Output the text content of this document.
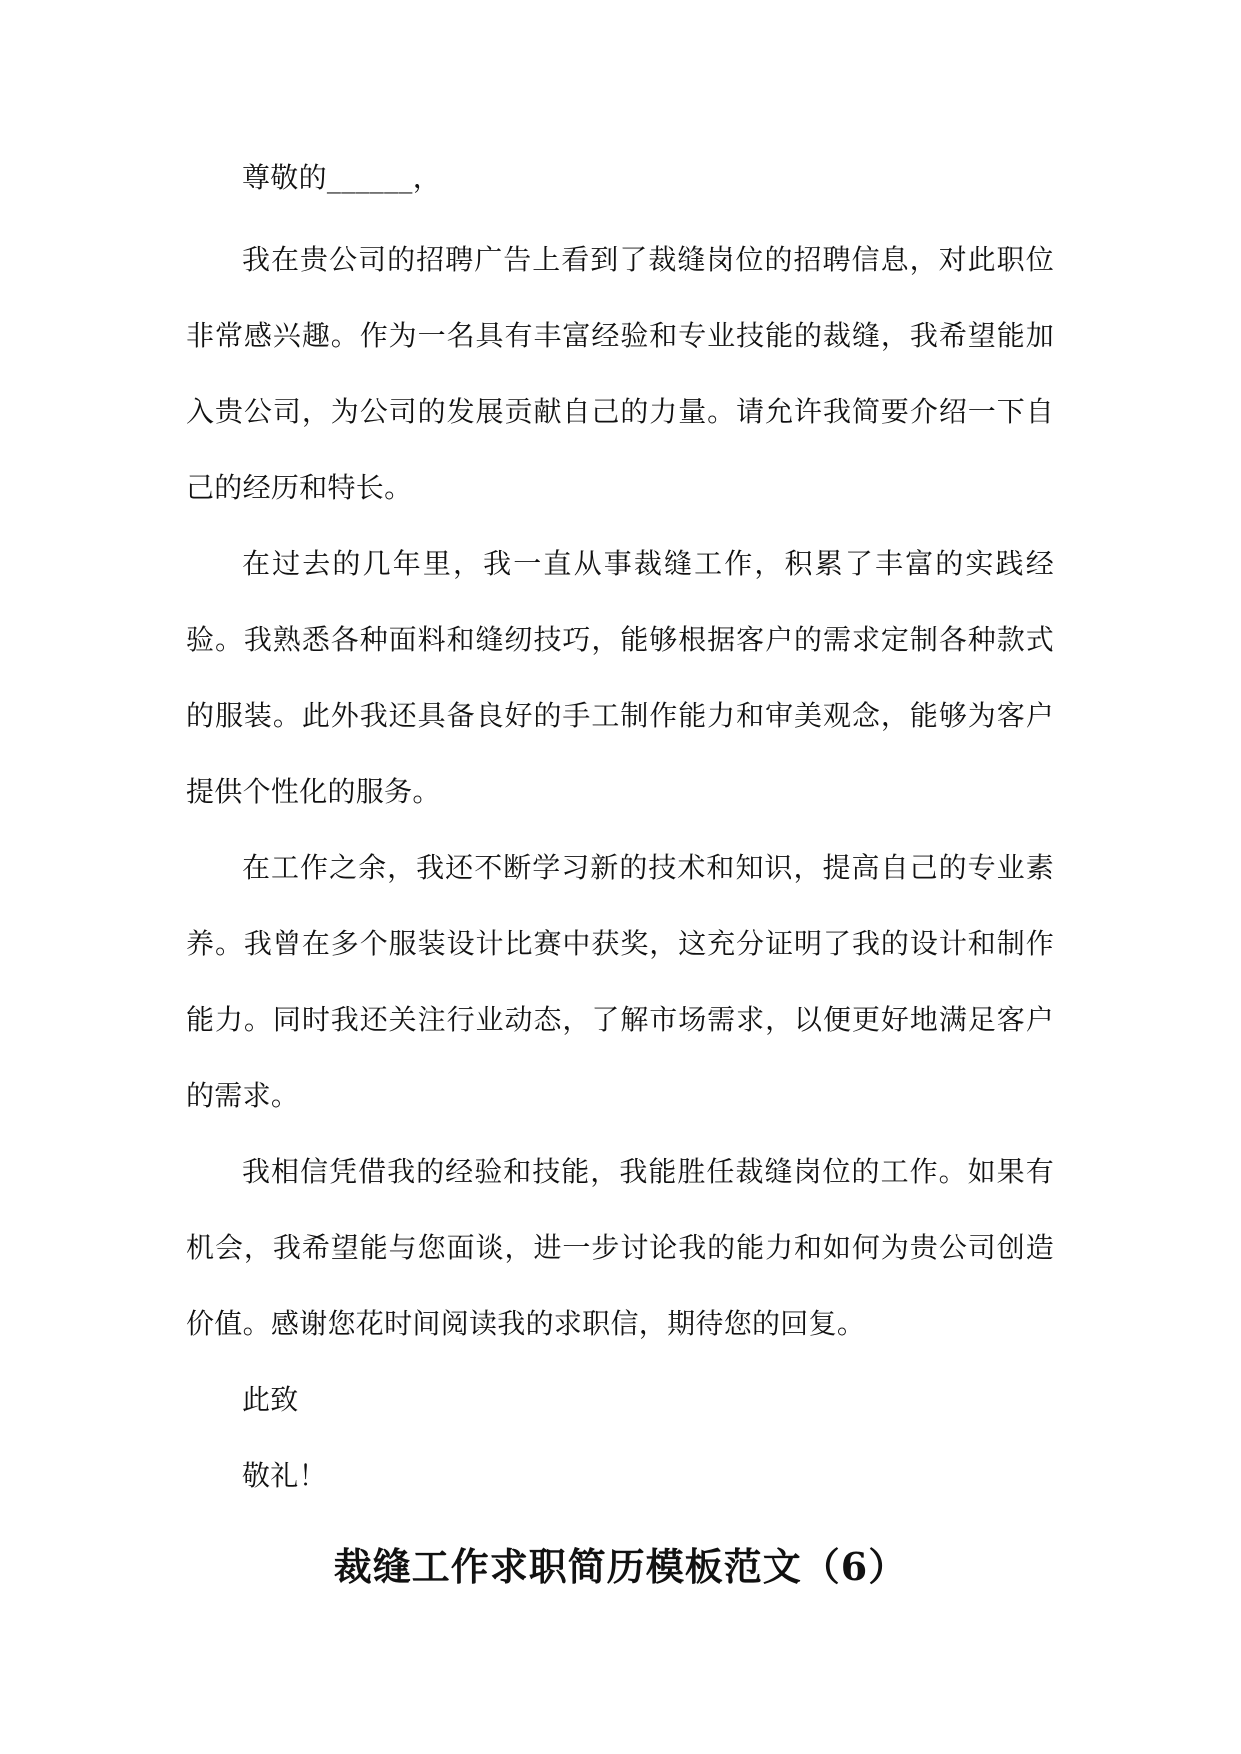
尊敬的______，

我在贵公司的招聘广告上看到了裁缝岗位的招聘信息，对此职位非常感兴趣。作为一名具有丰富经验和专业技能的裁缝，我希望能加入贵公司，为公司的发展贡献自己的力量。请允许我简要介绍一下自己的经历和特长。

在过去的几年里，我一直从事裁缝工作，积累了丰富的实践经验。我熟悉各种面料和缝纫技巧，能够根据客户的需求定制各种款式的服装。此外我还具备良好的手工制作能力和审美观念，能够为客户提供个性化的服务。

在工作之余，我还不断学习新的技术和知识，提高自己的专业素养。我曾在多个服装设计比赛中获奖，这充分证明了我的设计和制作能力。同时我还关注行业动态，了解市场需求，以便更好地满足客户的需求。

我相信凭借我的经验和技能，我能胜任裁缝岗位的工作。如果有机会，我希望能与您面谈，进一步讨论我的能力和如何为贵公司创造价值。感谢您花时间阅读我的求职信，期待您的回复。

此致

敬礼！

裁缝工作求职简历模板范文（6）
